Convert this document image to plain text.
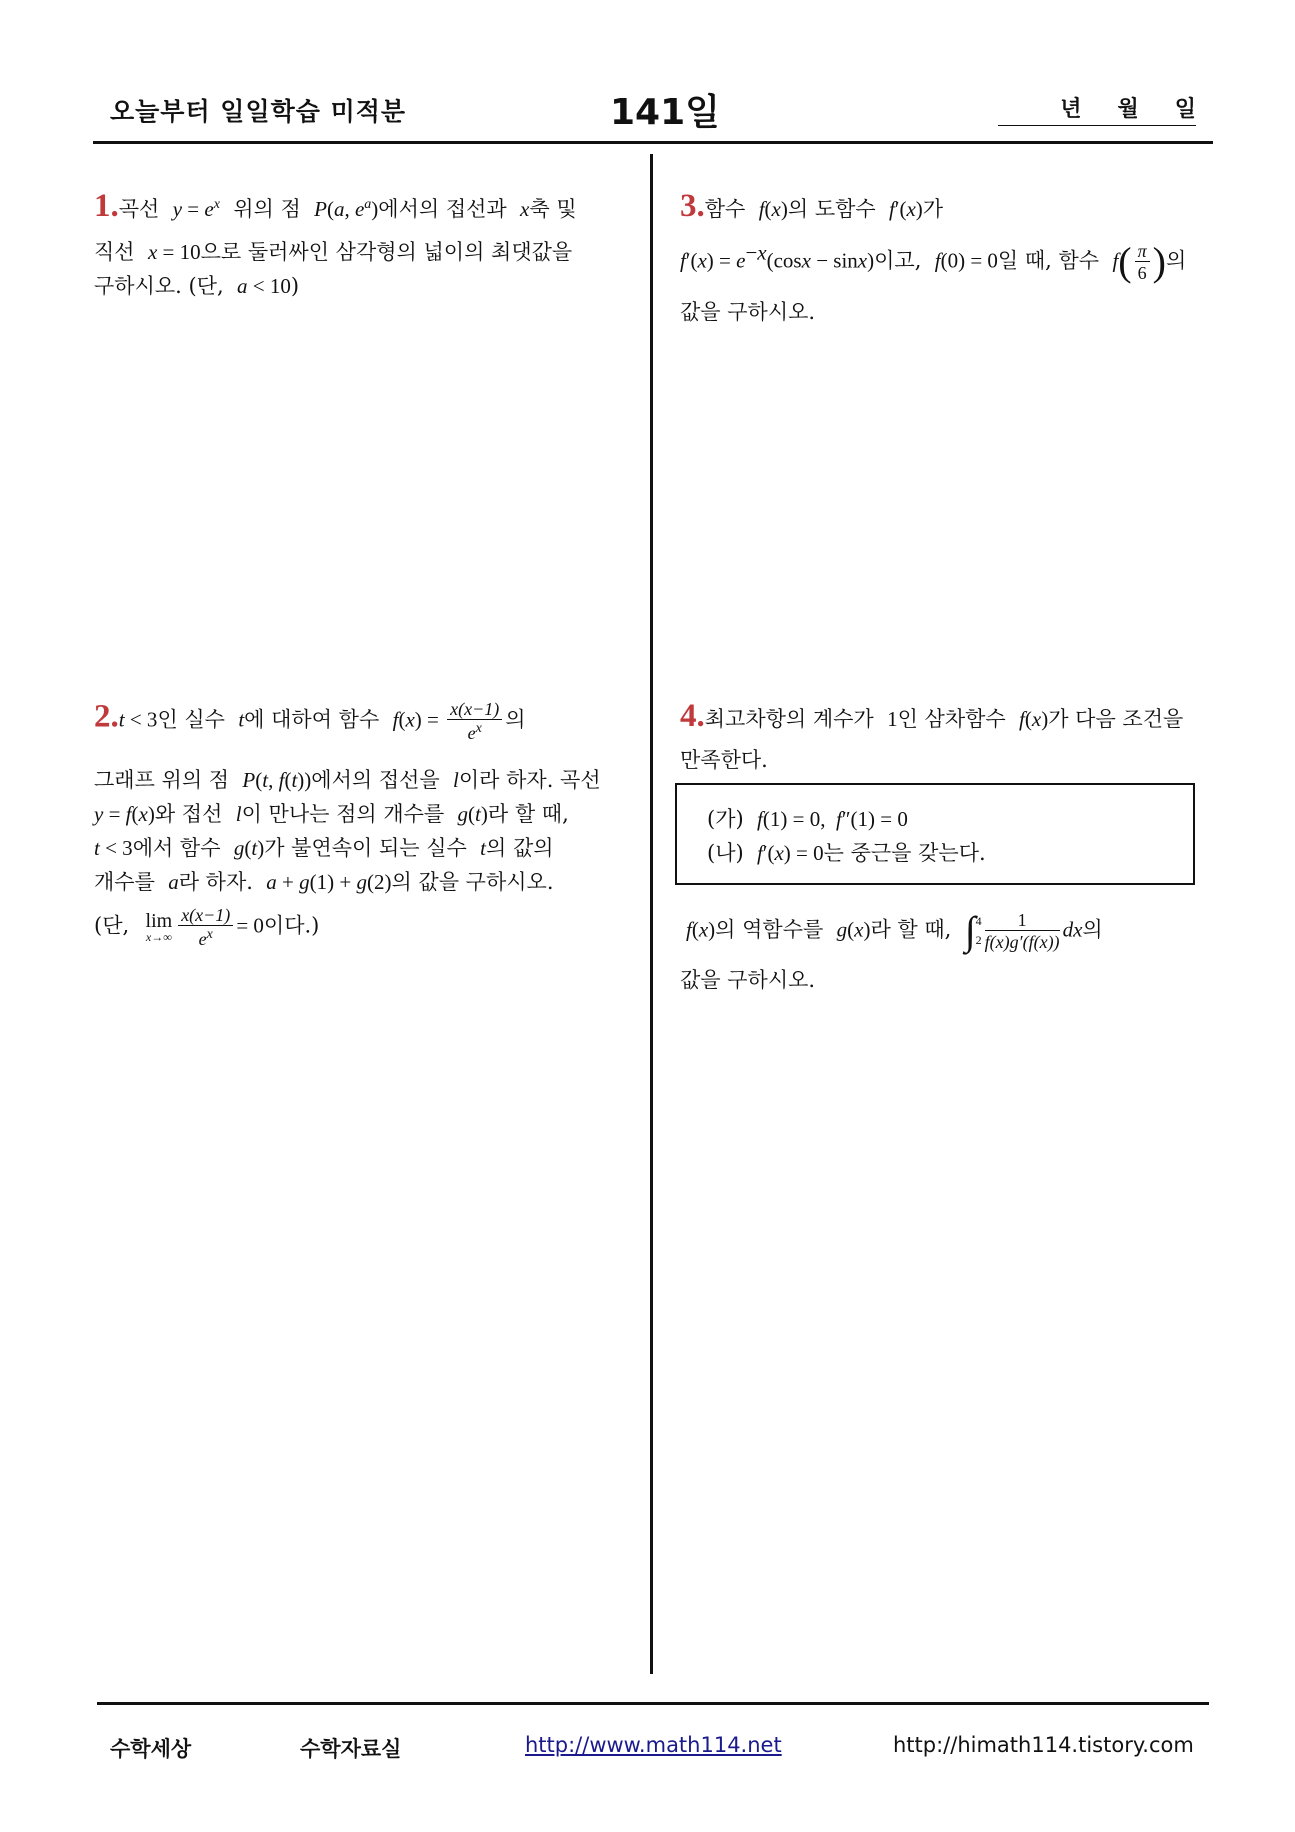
오늘부터 일일학습 미적분	141일	년 월 일
1.곡선  $y = e^x$  위의 점  P(a, $e^a$)에서의 접선과  x축 및
직선  x = 10으로 둘러싸인 삼각형의 넓이의 최댓값을
구하시오. (단,  a < 10)
2.t < 3인 실수  t에 대하여 함수  $f(x) = \frac{x(x-1)}{e^x}$ 의
그래프 위의 점  P(t, f(t))에서의 접선을  l이라 하자. 곡선
y = f(x)와 접선  l이 만나는 점의 개수를  g(t)라 할 때,
t < 3에서 함수  g(t)가 불연속이 되는 실수  t의 값의
개수를  a라 하자.  a + g(1) + g(2)의 값을 구하시오.
(단, lim
$x\to\infty \frac{x(x-1)}{e^x} = 0$이다.)
3.함수  f(x)의 도함수  f′(x)가
$f'(x) = e^{-x}(\cos x - \sin x)$이고,  f(0) = 0일 때, 함수  $f( \frac{\pi}{6}$ )의
값을 구하시오.
4.최고차항의 계수가  1인 삼차함수  f(x)가 다음 조건을
만족한다.
(가)  f(1) = 0,  f″(1) = 0
(나)  f′(x) = 0는 중근을 갖는다.
f(x)의 역함수를  g(x)라 할 때,  ∫ 4
$2 \frac{1}{f(x)g'(f(x))}$ dx의
값을 구하시오.
수학세상	수학자료실	http://www.math114.net	http://himath114.tistory.com
